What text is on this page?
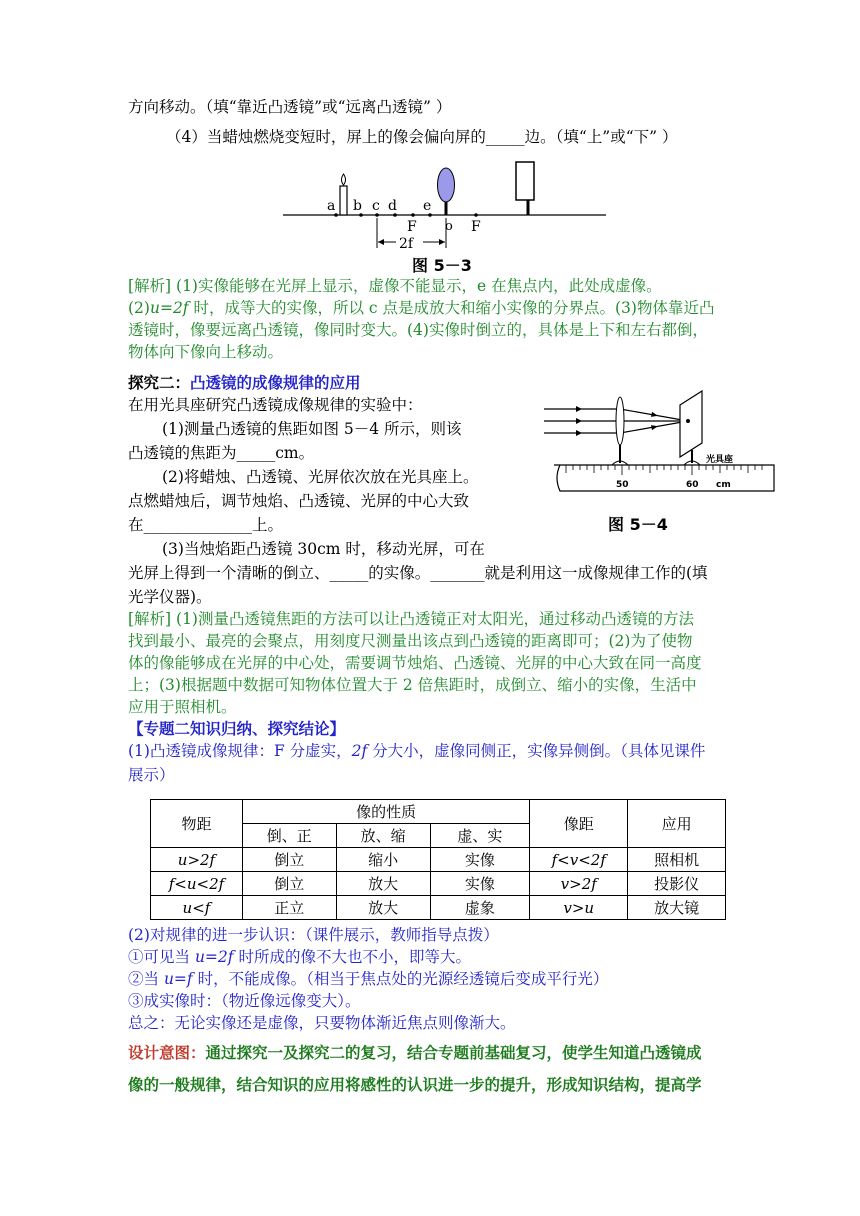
方向移动。（填“靠近凸透镜”或“远离凸透镜” ）
（4）当蜡烛燃烧变短时，屏上的像会偏向屏的_____边。（填“上”或“下” ）
a b c d e
o
F	F
2f
图 5－3
[解析] (1)实像能够在光屏上显示，虚像不能显示，e 在焦点内，此处成虚像。
(2)u=2f 时，成等大的实像，所以 c 点是成放大和缩小实像的分界点。(3)物体靠近凸
透镜时，像要远离凸透镜，像同时变大。(4)实像时倒立的，具体是上下和左右都倒，
物体向下像向上移动。
探究二：凸透镜的成像规律的应用
在用光具座研究凸透镜成像规律的实验中：
(1)测量凸透镜的焦距如图 5－4 所示，则该
凸透镜的焦距为_____cm。
(2)将蜡烛、凸透镜、光屏依次放在光具座上。
点燃蜡烛后，调节烛焰、凸透镜、光屏的中心大致
在______________上。
(3)当烛焰距凸透镜 30cm 时，移动光屏，可在
光屏上得到一个清晰的倒立、_____的实像。_______就是利用这一成像规律工作的(填
光学仪器)。
50	60 cm
光具座
图 5－4
[解析] (1)测量凸透镜焦距的方法可以让凸透镜正对太阳光，通过移动凸透镜的方法
找到最小、最亮的会聚点，用刻度尺测量出该点到凸透镜的距离即可；(2)为了使物
体的像能够成在光屏的中心处，需要调节烛焰、凸透镜、光屏的中心大致在同一高度
上；(3)根据题中数据可知物体位置大于 2 倍焦距时，成倒立、缩小的实像，生活中
应用于照相机。
【专题二知识归纳、探究结论】
(1)凸透镜成像规律：F 分虚实，2f 分大小，虚像同侧正，实像异侧倒。（具体见课件
展示）
物距	像的性质			像距	应用
	倒、正	放、缩	虚、实		
u>2f	倒立	缩小	实像	f<v<2f	照相机
f<u<2f	倒立	放大	实像	v>2f	投影仪
u<f	正立	放大	虚象	v>u	放大镜
(2)对规律的进一步认识：（课件展示，教师指导点拨）
①可见当 u=2f 时所成的像不大也不小，即等大。
②当 u=f 时，不能成像。（相当于焦点处的光源经透镜后变成平行光）
③成实像时：（物近像远像变大）。
总之：无论实像还是虚像，只要物体渐近焦点则像渐大。
设计意图：通过探究一及探究二的复习，结合专题前基础复习，使学生知道凸透镜成
像的一般规律，结合知识的应用将感性的认识进一步的提升，形成知识结构，提高学
